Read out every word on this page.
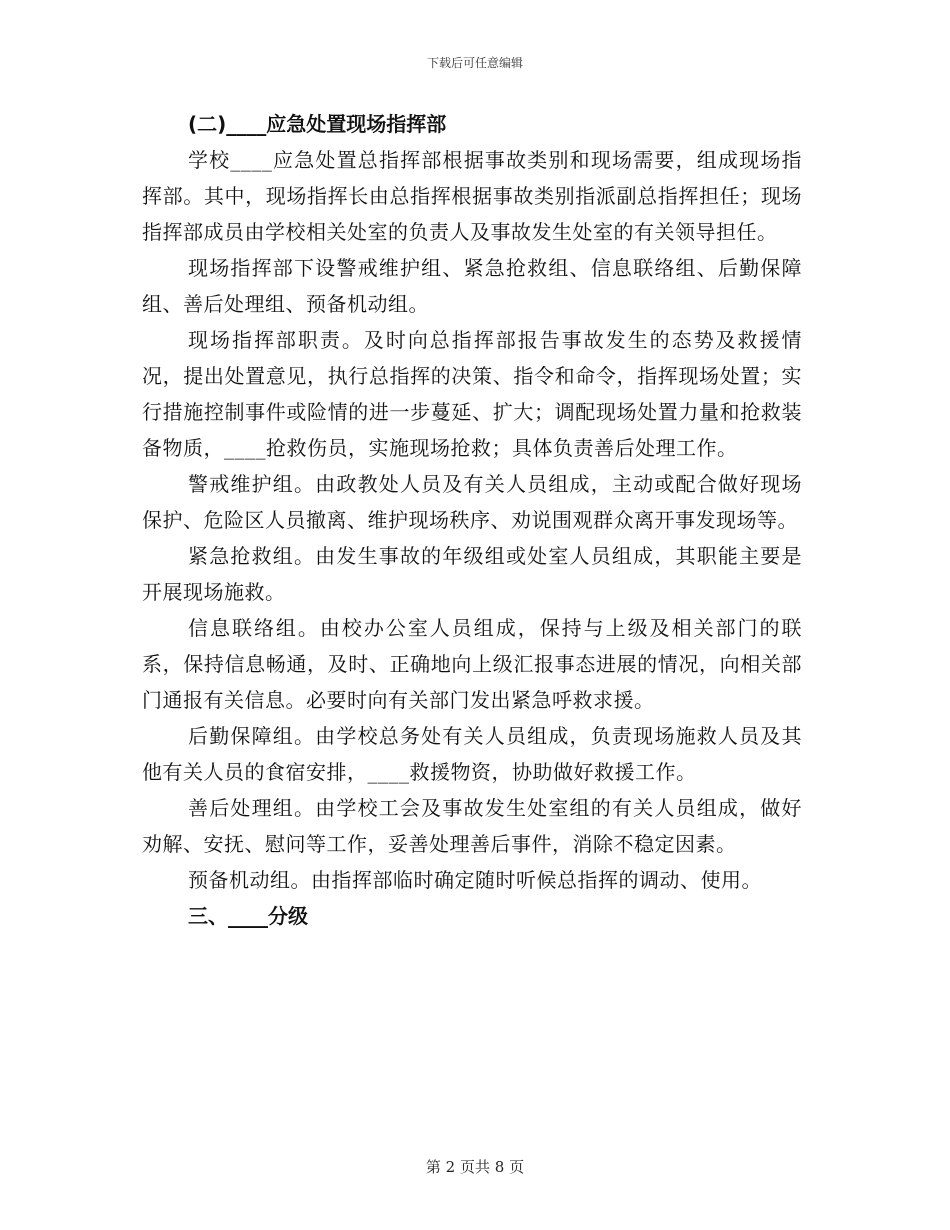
下载后可任意编辑

(二)____应急处置现场指挥部

学校____应急处置总指挥部根据事故类别和现场需要，组成现场指挥部。其中，现场指挥长由总指挥根据事故类别指派副总指挥担任；现场指挥部成员由学校相关处室的负责人及事故发生处室的有关领导担任。

现场指挥部下设警戒维护组、紧急抢救组、信息联络组、后勤保障组、善后处理组、预备机动组。

现场指挥部职责。及时向总指挥部报告事故发生的态势及救援情况，提出处置意见，执行总指挥的决策、指令和命令，指挥现场处置；实行措施控制事件或险情的进一步蔓延、扩大；调配现场处置力量和抢救装备物质，____抢救伤员，实施现场抢救；具体负责善后处理工作。

警戒维护组。由政教处人员及有关人员组成，主动或配合做好现场保护、危险区人员撤离、维护现场秩序、劝说围观群众离开事发现场等。

紧急抢救组。由发生事故的年级组或处室人员组成，其职能主要是开展现场施救。

信息联络组。由校办公室人员组成，保持与上级及相关部门的联系，保持信息畅通，及时、正确地向上级汇报事态进展的情况，向相关部门通报有关信息。必要时向有关部门发出紧急呼救求援。

后勤保障组。由学校总务处有关人员组成，负责现场施救人员及其他有关人员的食宿安排，____救援物资，协助做好救援工作。

善后处理组。由学校工会及事故发生处室组的有关人员组成，做好劝解、安抚、慰问等工作，妥善处理善后事件，消除不稳定因素。

预备机动组。由指挥部临时确定随时听候总指挥的调动、使用。

三、____分级

第 2 页共 8 页
